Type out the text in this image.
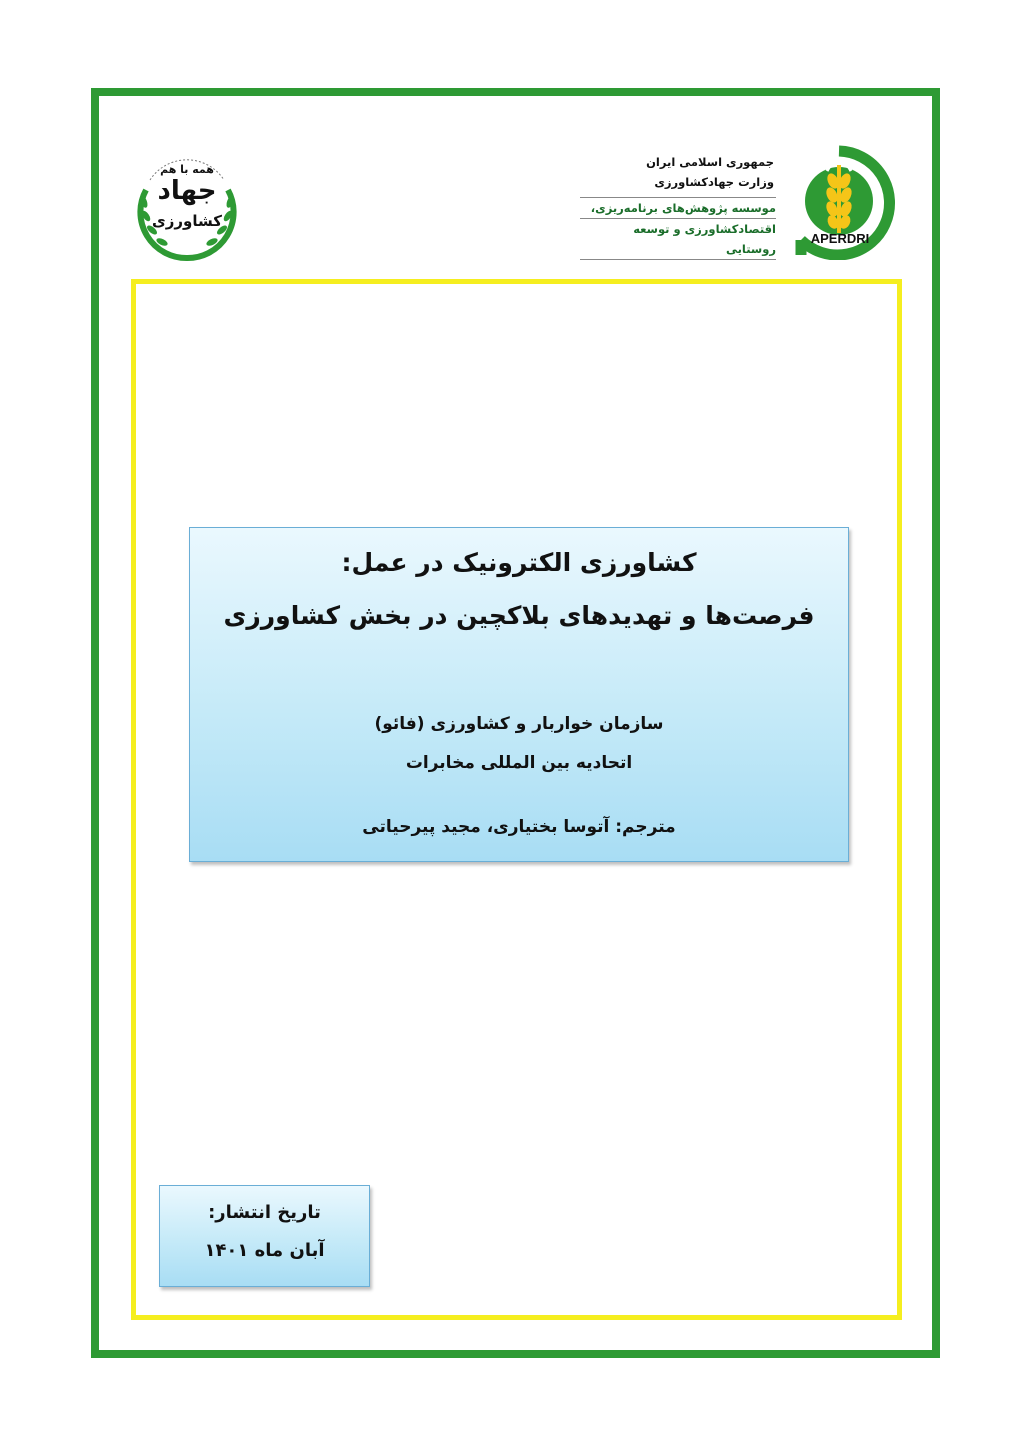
APERDRI
جمهوری اسلامی ایران
وزارت جهادکشاورزی
موسسه پژوهش‌های برنامه‌ریزی،
اقتصادکشاورزی و توسعه روستایی
همه با هم
جهاد
کشاورزی
کشاورزی الکترونیک در عمل:
فرصت‌ها و تهدیدهای بلاکچین در بخش کشاورزی
سازمان خواربار و کشاورزی (فائو)
اتحادیه بین المللی مخابرات
مترجم: آتوسا بختیاری، مجید پیرحیاتی
تاریخ انتشار:
آبان ماه ۱۴۰۱
